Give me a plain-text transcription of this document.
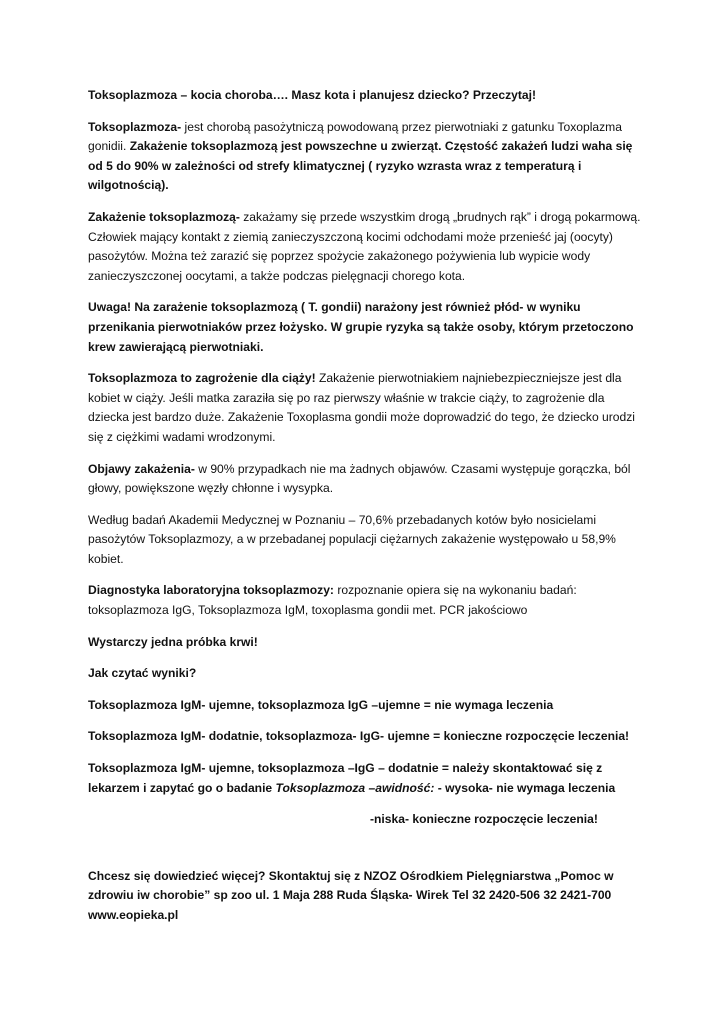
Toksoplazmoza – kocia choroba…. Masz kota i planujesz dziecko? Przeczytaj!

Toksoplazmoza- jest chorobą pasożytniczą powodowaną przez pierwotniaki z gatunku Toxoplazma gonidii. Zakażenie toksoplazmozą jest powszechne u zwierząt. Częstość zakażeń ludzi waha się od 5 do 90% w zależności od strefy klimatycznej ( ryzyko wzrasta wraz z temperaturą i wilgotnością).

Zakażenie toksoplazmozą- zakażamy się przede wszystkim drogą „brudnych rąk” i drogą pokarmową. Człowiek mający kontakt z ziemią zanieczyszczoną kocimi odchodami może przenieść jaj (oocyty) pasożytów. Można też zarazić się poprzez spożycie zakażonego pożywienia lub wypicie wody zanieczyszczonej oocytami, a także podczas pielęgnacji chorego kota.

Uwaga! Na zarażenie toksoplazmozą ( T. gondii) narażony jest również płód- w wyniku przenikania pierwotniaków przez łożysko. W grupie ryzyka są także osoby, którym przetoczono krew zawierającą pierwotniaki.

Toksoplazmoza to zagrożenie dla ciąży! Zakażenie pierwotniakiem najniebezpieczniejsze jest dla kobiet w ciąży. Jeśli matka zaraziła się po raz pierwszy właśnie w trakcie ciąży, to zagrożenie dla dziecka jest bardzo duże. Zakażenie Toxoplasma gondii może doprowadzić do tego, że dziecko urodzi się z ciężkimi wadami wrodzonymi.

Objawy zakażenia- w 90% przypadkach nie ma żadnych objawów. Czasami występuje gorączka, ból głowy, powiększone węzły chłonne i wysypka.

Według badań Akademii Medycznej w Poznaniu – 70,6% przebadanych kotów było nosicielami pasożytów Toksoplazmozy, a w przebadanej populacji ciężarnych zakażenie występowało u 58,9% kobiet.

Diagnostyka laboratoryjna toksoplazmozy: rozpoznanie opiera się na wykonaniu badań: toksoplazmoza IgG, Toksoplazmoza IgM, toxoplasma gondii met. PCR jakościowo

Wystarczy jedna próbka krwi!

Jak czytać wyniki?

Toksoplazmoza IgM- ujemne, toksoplazmoza IgG –ujemne = nie wymaga leczenia

Toksoplazmoza IgM- dodatnie, toksoplazmoza- IgG- ujemne = konieczne rozpoczęcie leczenia!

Toksoplazmoza IgM- ujemne, toksoplazmoza –IgG – dodatnie = należy skontaktować się z lekarzem i zapytać go o badanie Toksoplazmoza –awidność: - wysoka- nie wymaga leczenia

-niska- konieczne rozpoczęcie leczenia!

Chcesz się dowiedzieć więcej? Skontaktuj się z NZOZ Ośrodkiem Pielęgniarstwa „Pomoc w zdrowiu iw chorobie” sp zoo ul. 1 Maja 288 Ruda Śląska- Wirek Tel 32 2420-506 32 2421-700 www.eopieka.pl
